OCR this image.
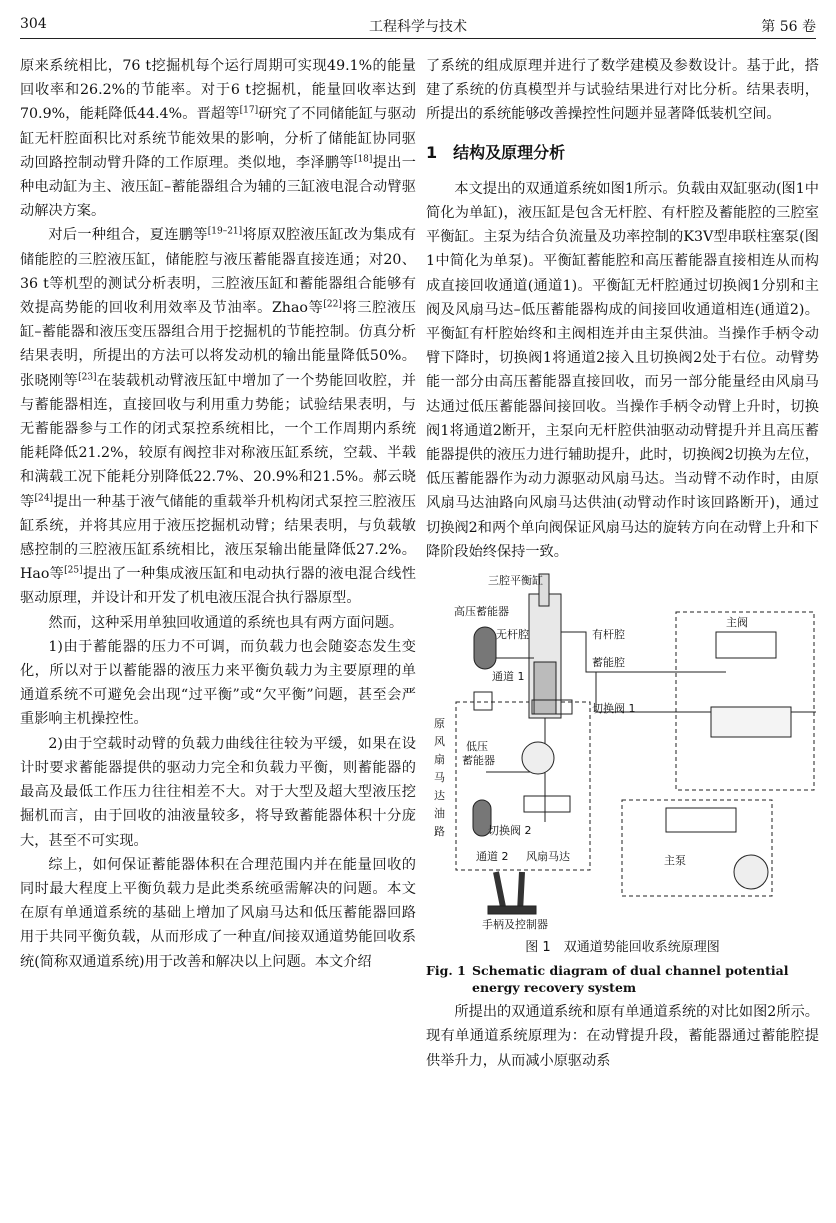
304	工程科学与技术	第 56 卷

原来系统相比，76 t挖掘机每个运行周期可实现49.1%的能量回收率和26.2%的节能率。对于6 t挖掘机，能量回收率达到70.9%，能耗降低44.4%。晋超等[17]研究了不同储能缸与驱动缸无杆腔面积比对系统节能效果的影响，分析了储能缸协同驱动回路控制动臂升降的工作原理。类似地，李泽鹏等[18]提出一种电动缸为主、液压缸–蓄能器组合为辅的三缸液电混合动臂驱动解决方案。

对后一种组合，夏连鹏等[19–21]将原双腔液压缸改为集成有储能腔的三腔液压缸，储能腔与液压蓄能器直接连通；对20、36 t等机型的测试分析表明，三腔液压缸和蓄能器组合能够有效提高势能的回收利用效率及节油率。Zhao等[22]将三腔液压缸–蓄能器和液压变压器组合用于挖掘机的节能控制。仿真分析结果表明，所提出的方法可以将发动机的输出能量降低50%。张晓刚等[23]在装载机动臂液压缸中增加了一个势能回收腔，并与蓄能器相连，直接回收与利用重力势能；试验结果表明，与无蓄能器参与工作的闭式泵控系统相比，一个工作周期内系统能耗降低21.2%，较原有阀控非对称液压缸系统，空载、半载和满载工况下能耗分别降低22.7%、20.9%和21.5%。郝云晓等[24]提出一种基于液气储能的重载举升机构闭式泵控三腔液压缸系统，并将其应用于液压挖掘机动臂；结果表明，与负载敏感控制的三腔液压缸系统相比，液压泵输出能量降低27.2%。Hao等[25]提出了一种集成液压缸和电动执行器的液电混合线性驱动原理，并设计和开发了机电液压混合执行器原型。

然而，这种采用单独回收通道的系统也具有两方面问题。

1)由于蓄能器的压力不可调，而负载力也会随姿态发生变化，所以对于以蓄能器的液压力来平衡负载力为主要原理的单通道系统不可避免会出现“过平衡”或“欠平衡”问题，甚至会严重影响主机操控性。

2)由于空载时动臂的负载力曲线往往较为平缓，如果在设计时要求蓄能器提供的驱动力完全和负载力平衡，则蓄能器的最高及最低工作压力往往相差不大。对于大型及超大型液压挖掘机而言，由于回收的油液量较多，将导致蓄能器体积十分庞大，甚至不可实现。

综上，如何保证蓄能器体积在合理范围内并在能量回收的同时最大程度上平衡负载力是此类系统亟需解决的问题。本文在原有单通道系统的基础上增加了风扇马达和低压蓄能器回路用于共同平衡负载，从而形成了一种直/间接双通道势能回收系统(简称双通道系统)用于改善和解决以上问题。本文介绍

了系统的组成原理并进行了数学建模及参数设计。基于此，搭建了系统的仿真模型并与试验结果进行对比分析。结果表明，所提出的系统能够改善操控性问题并显著降低装机空间。

1　结构及原理分析

本文提出的双通道系统如图1所示。负载由双缸驱动(图1中简化为单缸)，液压缸是包含无杆腔、有杆腔及蓄能腔的三腔室平衡缸。主泵为结合负流量及功率控制的K3V型串联柱塞泵(图1中简化为单泵)。平衡缸蓄能腔和高压蓄能器直接相连从而构成直接回收通道(通道1)。平衡缸无杆腔通过切换阀1分别和主阀及风扇马达–低压蓄能器构成的间接回收通道相连(通道2)。平衡缸有杆腔始终和主阀相连并由主泵供油。当操作手柄令动臂下降时，切换阀1将通道2接入且切换阀2处于右位。动臂势能一部分由高压蓄能器直接回收，而另一部分能量经由风扇马达通过低压蓄能器间接回收。当操作手柄令动臂上升时，切换阀1将通道2断开，主泵向无杆腔供油驱动动臂提升并且高压蓄能器提供的液压力进行辅助提升，此时，切换阀2切换为左位，低压蓄能器作为动力源驱动风扇马达。当动臂不动作时，由原风扇马达油路向风扇马达供油(动臂动作时该回路断开)，通过切换阀2和两个单向阀保证风扇马达的旋转方向在动臂上升和下降阶段始终保持一致。

三腔平衡缸
高压蓄能器
无杆腔	有杆腔
蓄能腔
通道 1
切换阀 1
主阀
原
风
扇
马
达
油
路
低压
蓄能器
切换阀 2
通道 2 风扇马达	主泵
手柄及控制器
图 1　双通道势能回收系统原理图
Fig. 1 Schematic diagram of dual channel potential energy recovery system

所提出的双通道系统和原有单通道系统的对比如图2所示。现有单通道系统原理为：在动臂提升段，蓄能器通过蓄能腔提供举升力，从而减小原驱动系
